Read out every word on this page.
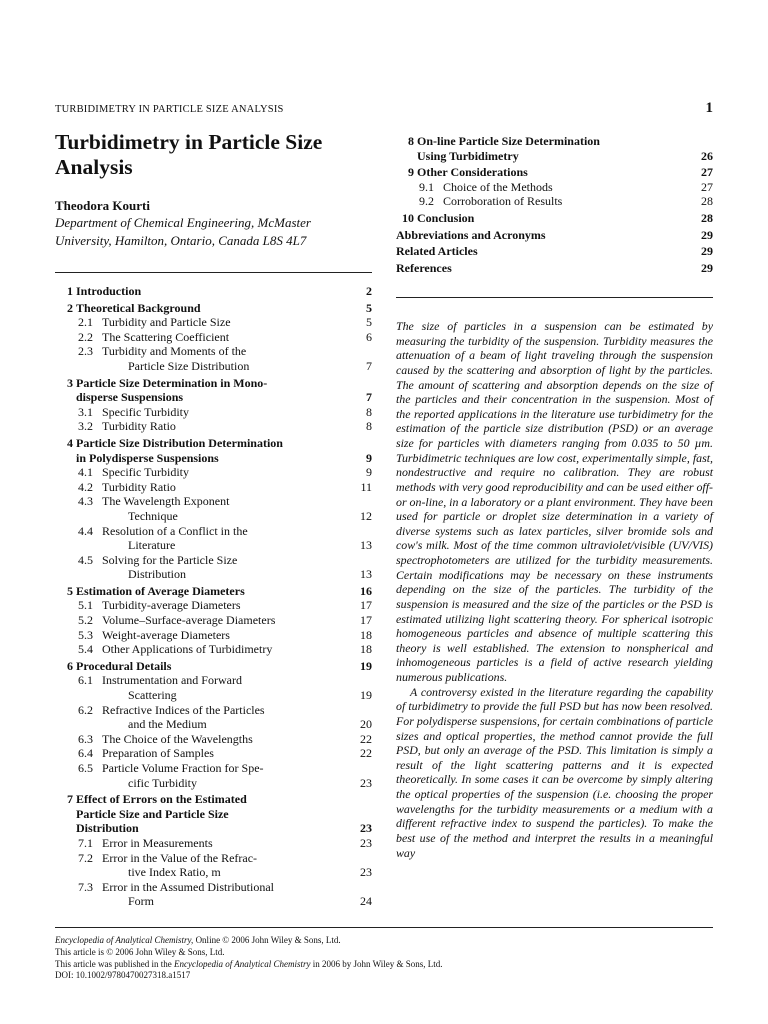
TURBIDIMETRY IN PARTICLE SIZE ANALYSIS	1
Turbidimetry in Particle Size
Analysis
Theodora Kourti
Department of Chemical Engineering, McMaster
University, Hamilton, Ontario, Canada L8S 4L7
1 Introduction	2
2 Theoretical Background	5
2.1 Turbidity and Particle Size	5
2.2 The Scattering Coefficient	6
2.3 Turbidity and Moments of the
Particle Size Distribution	7
3 Particle Size Determination in Mono-
disperse Suspensions	7
3.1 Specific Turbidity	8
3.2 Turbidity Ratio	8
4 Particle Size Distribution Determination
in Polydisperse Suspensions	9
4.1 Specific Turbidity	9
4.2 Turbidity Ratio	11
4.3 The Wavelength Exponent
Technique	12
4.4 Resolution of a Conflict in the
Literature	13
4.5 Solving for the Particle Size
Distribution	13
5 Estimation of Average Diameters	16
5.1 Turbidity-average Diameters	17
5.2 Volume–Surface-average Diameters	17
5.3 Weight-average Diameters	18
5.4 Other Applications of Turbidimetry	18
6 Procedural Details	19
6.1 Instrumentation and Forward
Scattering	19
6.2 Refractive Indices of the Particles
and the Medium	20
6.3 The Choice of the Wavelengths	22
6.4 Preparation of Samples	22
6.5 Particle Volume Fraction for Spe-
cific Turbidity	23
7 Effect of Errors on the Estimated
Particle Size and Particle Size
Distribution	23
7.1 Error in Measurements	23
7.2 Error in the Value of the Refrac-
tive Index Ratio, m	23
7.3 Error in the Assumed Distributional
Form	24
8 On-line Particle Size Determination
Using Turbidimetry	26
9 Other Considerations	27
9.1 Choice of the Methods	27
9.2 Corroboration of Results	28
10 Conclusion	28
Abbreviations and Acronyms	29
Related Articles	29
References	29

The size of particles in a suspension can be estimated by measuring the turbidity of the suspension. Turbidity measures the attenuation of a beam of light traveling through the suspension caused by the scattering and absorption of light by the particles. The amount of scattering and absorption depends on the size of the particles and their concentration in the suspension. Most of the reported applications in the literature use turbidimetry for the estimation of the particle size distribution (PSD) or an average size for particles with diameters ranging from 0.035 to 50 µm. Turbidimetric techniques are low cost, experimentally simple, fast, nondestructive and require no calibration. They are robust methods with very good reproducibility and can be used either off- or on-line, in a laboratory or a plant environment. They have been used for particle or droplet size determination in a variety of diverse systems such as latex particles, silver bromide sols and cow's milk. Most of the time common ultraviolet/visible (UV/VIS) spectrophotometers are utilized for the turbidity measurements. Certain modifications may be necessary on these instruments depending on the size of the particles. The turbidity of the suspension is measured and the size of the particles or the PSD is estimated utilizing light scattering theory. For spherical isotropic homogeneous particles and absence of multiple scattering this theory is well established. The extension to nonspherical and inhomogeneous particles is a field of active research yielding numerous publications.

A controversy existed in the literature regarding the capability of turbidimetry to provide the full PSD but has now been resolved. For polydisperse suspensions, for certain combinations of particle sizes and optical properties, the method cannot provide the full PSD, but only an average of the PSD. This limitation is simply a result of the light scattering patterns and it is expected theoretically. In some cases it can be overcome by simply altering the optical properties of the suspension (i.e. choosing the proper wavelengths for the turbidity measurements or a medium with a different refractive index to suspend the particles). To make the best use of the method and interpret the results in a meaningful way

Encyclopedia of Analytical Chemistry, Online © 2006 John Wiley & Sons, Ltd.
This article is © 2006 John Wiley & Sons, Ltd.
This article was published in the Encyclopedia of Analytical Chemistry in 2006 by John Wiley & Sons, Ltd.
DOI: 10.1002/9780470027318.a1517
